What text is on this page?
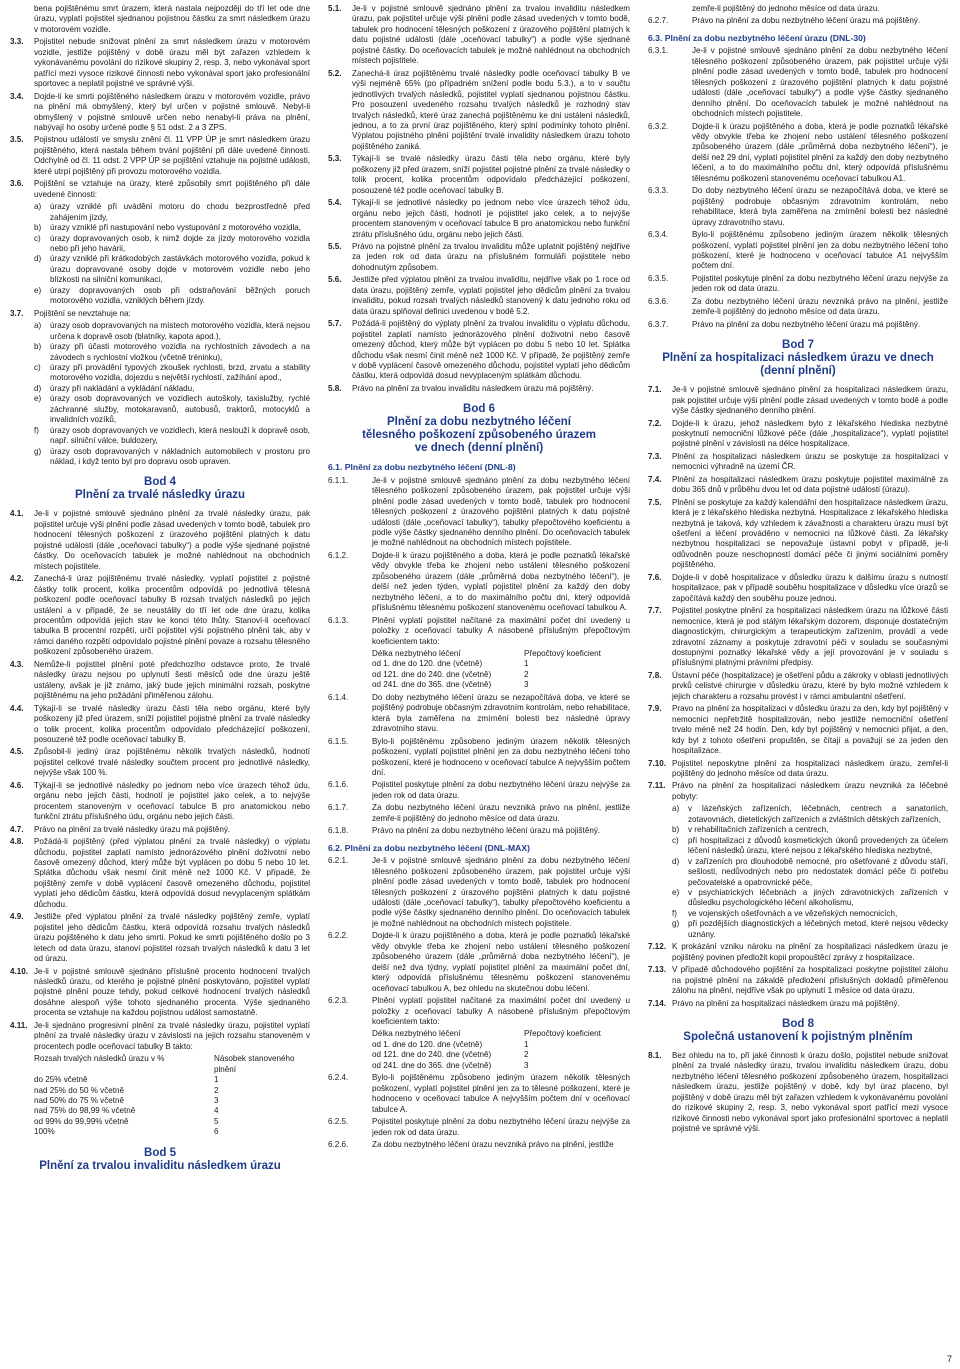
bena pojištěnému smrt úrazem, která nastala nejpozději do tří let ode dne úrazu, vyplatí pojistitel sjednanou pojistnou částku za smrt následkem úrazu v motorovém vozidle.
3.3. Pojistitel nebude snižovat plnění za smrt následkem úrazu v motorovém vozidle, jestliže pojištěný v době úrazu měl být zařazen vzhledem k vykonávanému povolání do rizikové skupiny 2, resp. 3, nebo vykonával sport patřící mezi vysoce rizikové činnosti nebo vykonával sport jako profesionální sportovec a neplatil pojistné ve správné výši.
3.4. Dojde-li ke smrti pojištěného následkem úrazu v motorovém vozidle, právo na plnění má obmyšlený, který byl určen v pojistné smlouvě. Nebyl-li obmyšlený v pojistné smlouvě určen nebo nenabyl-li práva na plnění, nabývají ho osoby určené podle § 51 odst. 2 a 3 ZPS.
3.5. Pojistnou událostí ve smyslu znění čl. 11 VPP ÚP je smrt následkem úrazu pojištěného, která nastala během trvání pojištění při dále uvedené činnosti. Odchylně od čl. 11 odst. 2 VPP ÚP se pojištění vztahuje na pojistné události, které utrpí pojištěný při provozu motorového vozidla.
3.6. Pojištění se vztahuje na úrazy, které způsobily smrt pojištěného při dále uvedené činnosti:
a) úrazy vzniklé při uvádění motoru do chodu bezprostředně před zahájením jízdy,
b) úrazy vzniklé při nastupování nebo vystupování z motorového vozidla,
c) úrazy dopravovaných osob, k nimž dojde za jízdy motorového vozidla nebo při jeho havárii,
d) úrazy vzniklé při krátkodobých zastávkách motorového vozidla, pokud k úrazu dopravované osoby dojde v motorovém vozidle nebo jeho blízkosti na silniční komunikaci,
e) úrazy dopravovaných osob při odstraňování běžných poruch motorového vozidla, vzniklých během jízdy.
3.7. Pojištění se nevztahuje na:
a) úrazy osob dopravovaných na místech motorového vozidla, která nejsou určena k dopravě osob (blatníky, kapota apod.),
b) úrazy při účasti motorového vozidla na rychlostních závodech a na závodech s rychlostní vložkou (včetně tréninku),
c) úrazy při provádění typových zkoušek rychlosti, brzd, zrvatu a stability motorového vozidla, dojezdu s největší rychlostí, zažíhání apod.,
d) úrazy při nakládání a vykládání nákladu,
e) úrazy osob dopravovaných ve vozidlech autoškoly, taxislužby, rychlé záchranné služby, motokaravanů, autobusů, traktorů, motocyklů a invalidních vozíků,
f) úrazy osob dopravovaných ve vozidlech, která neslouží k dopravě osob, např. silniční válce, buldozery,
g) úrazy osob dopravovaných v nákladních automobilech v prostoru pro náklad, i když tento byl pro dopravu osob upraven.
Bod 4
Plnění za trvalé následky úrazu
4.1. Je-li v pojistné smlouvě sjednáno plnění za trvalé následky úrazu, pak pojistitel určuje výši plnění podle zásad uvedených v tomto bodě, tabulek pro hodnocení tělesných poškození z úrazového pojištění platných k datu pojistné události (dále „oceňovací tabulky“) a podle výše sjednané pojistné částky. Do oceňovacích tabulek je možné nahlédnout na obchodních místech pojistitele.
4.2. Zanechá-li úraz pojištěnému trvalé následky, vyplatí pojistitel z pojistné částky tolik procent, kolika procentům odpovídá po jednotlivá tělesná poškození podle oceňovací tabulky B rozsah trvalých následků po jejich ustálení a v případě, že se neustálily do tří let ode dne úrazu, kolika procentům odpovídá jejich stav ke konci této lhůty. Stanoví-li oceňovací tabulka B procentní rozpětí, určí pojistitel výši pojistného plnění tak, aby v rámci daného rozpětí odpovídalo pojistné plnění povaze a rozsahu tělesného poškození způsobeného úrazem.
4.3. Nemůže-li pojistitel plnění poté předchozího odstavce proto, že trvalé následky úrazu nejsou po uplynutí šesti měsíců ode dne úrazu ještě ustáleny, avšak je již známo, jaký bude jejich minimální rozsah, poskytne pojištěnému na jeho požádání přiměřenou zálohu.
4.4. Týkají-li se trvalé následky úrazu části těla nebo orgánu, které byly poškozeny již před úrazem, sníží pojistitel pojistné plnění za trvalé následky o tolik procent, kolika procentům odpovídalo předcházející poškození, posouzené též podle oceňovací tabulky B.
4.5. Způsobil-li jediný úraz pojištěnému několik trvalých následků, hodnotí pojistitel celkové trvalé následky součtem procent pro jednotlivé následky, nejvýše však 100 %.
4.6. Týkají-li se jednotlivé následky po jednom nebo více úrazech téhož údu, orgánu nebo jejich části, hodnotí je pojistitel jako celek, a to nejvýše procentem stanoveným v oceňovací tabulce B pro anatomickou nebo funkční ztrátu příslušného údu, orgánu nebo jejich části.
4.7. Právo na plnění za trvalé následky úrazu má pojištěný.
4.8. Požádá-li pojištěný (před výplatou plnění za trvalé následky) o výplatu důchodu, pojistitel zaplatí namísto jednorázového plnění doživotní nebo časově omezený důchod, který může být vyplácen po dobu 5 nebo 10 let. Splátka důchodu však nesmí činit méně než 1000 Kč. V případě, že pojištěný zemře v době vyplácení časově omezeného důchodu, pojistitel vyplatí jeho dědicům částku, která odpovídá dosud nevyplaceným splátkám důchodu.
4.9. Jestliže před výplatou plnění za trvalé následky pojištěný zemře, vyplatí pojistitel jeho dědicům částku, která odpovídá rozsahu trvalých následků úrazu pojištěného k datu jeho smrti. Pokud ke smrti pojištěného došlo po 3 letech od data úrazu, stanoví pojistitel rozsah trvalých následků k datu 3 let od úrazu.
4.10. Je-li v pojistné smlouvě sjednáno příslušné procento hodnocení trvalých následků úrazu, od kterého je pojistné plnění poskytováno, pojistitel vyplatí pojistné plnění pouze tehdy, pokud celkové hodnocení trvalých následků dosáhne alespoň výše tohoto sjednaného procenta. Výše sjednaného procenta se vztahuje na každou pojistnou událost samostatně.
4.11. Je-li sjednáno progresivní plnění za trvalé následky úrazu, pojistitel vyplatí plnění za trvalé následky úrazu v závislosti na jejich rozsahu stanoveném v procentech podle oceňovací tabulky B takto:
Rozsah trvalých následků úrazu v %	Násobek stanoveného plnění
do 25% včetně	1
nad 25% do 50 % včetně	2
nad 50% do 75 % včetně	3
nad 75% do 98,99 % včetně	4
od 99% do 99,99% včetně	5
100%	6
Bod 5
Plnění za trvalou invaliditu následkem úrazu
5.1. Je-li v pojistné smlouvě sjednáno plnění za trvalou invaliditu následkem úrazu, pak pojistitel určuje výši plnění podle zásad uvedených v tomto bodě, tabulek pro hodnocení tělesných poškození z úrazového pojištění platných k datu pojistné události (dále „oceňovací tabulky“) a podle výše sjednané pojistné částky. Do oceňovacích tabulek je možné nahlédnout na obchodních místech pojistitele.
5.2. Zanechá-li úraz pojištěnému trvalé následky podle oceňovací tabulky B ve výši nejméně 65% (po případném snížení podle bodu 5.3.), a to v součtu jednotlivých trvalých následků, pojistitel vyplatí sjednanou pojistnou částku. Pro posouzení uvedeného rozsahu trvalých následků je rozhodný stav trvalých následků, které úraz zanechá pojištěnému ke dni ustálení následků, jednou, a to za první úraz pojištěného, který splní podmínky tohoto plnění. Výplatou pojistného plnění pojištění trvalé invalidity následkem úrazu tohoto pojištěného zaniká.
5.3. Týkají-li se trvalé následky úrazu části těla nebo orgánu, které byly poškozeny již před úrazem, sníží pojistitel pojistné plnění za trvalé následky o tolik procent, kolika procentům odpovídalo předcházející poškození, posouzené též podle oceňovací tabulky B.
5.4. Týkají-li se jednotlivé následky po jednom nebo více úrazech téhož údu, orgánu nebo jejich části, hodnotí je pojistitel jako celek, a to nejvýše procentem stanoveným v oceňovací tabulce B pro anatomickou nebo funkční ztrátu příslušného údu, orgánu nebo jejich části.
5.5. Právo na pojistné plnění za trvalou invaliditu může uplatnit pojištěný nejdříve za jeden rok od data úrazu na příslušném formuláři pojistitele nebo dohodnutým způsobem.
5.6. Jestliže před výplatou plnění za trvalou invaliditu, nejdříve však po 1 roce od data úrazu, pojištěný zemře, vyplatí pojistitel jeho dědicům plnění za trvalou invaliditu, pokud rozsah trvalých následků stanovený k datu jednoho roku od data úrazu splňoval definici uvedenou v bodě 5.2.
5.7. Požádá-li pojištěný do výplaty plnění za trvalou invaliditu o výplatu důchodu, pojistitel zaplatí namísto jednorázového plnění doživotní nebo časově omezený důchod, který může být vyplácen po dobu 5 nebo 10 let. Splátka důchodu však nesmí činit méně než 1000 Kč. V případě, že pojištěný zemře v době vyplácení časově omezeného důchodu, pojistitel vyplatí jeho dědicům částku, která odpovídá dosud nevyplaceným splátkám důchodu.
5.8. Právo na plnění za trvalou invaliditu následkem úrazu má pojištěný.
Bod 6
Plnění za dobu nezbytného léčení
tělesného poškození způsobeného úrazem
ve dnech (denní plnění)
6.1. Plnění za dobu nezbytného léčení (DNL-8)
6.1.1.	Je-li v pojistné smlouvě sjednáno plnění za dobu nezbytného léčení tělesného poškození způsobeného úrazem, pak pojistitel určuje výši plnění podle zásad uvedených v tomto bodě, tabulek pro hodnocení tělesných poškození z úrazového pojištění platných k datu pojistné události (dále „oceňovací tabulky“), tabulky přepočtového koeficientu a podle výše částky sjednaného denního plnění. Do oceňovacích tabulek je možné nahlédnout na obchodních místech pojistitele.
6.1.2.	Dojde-li k úrazu pojištěného a doba, která je podle poznatků lékařské vědy obvykle třeba ke zhojení nebo ustálení tělesného poškození způsobeného úrazem (dále „průměrná doba nezbytného léčení“), je delší než jeden týden, vyplatí pojistitel plnění za každý den doby nezbytného léčení, a to do maximálního počtu dní, který odpovídá příslušnému tělesnému poškození stanovenému oceňovací tabulkou A.
6.1.3.	Plnění vyplatí pojistitel načítané za maximální počet dní uvedený u položky z oceňovací tabulky A násobené příslušným přepočtovým koeficientem takto:
Délka nezbytného léčení	Přepočtový koeficient
od 1. dne do 120. dne (včetně)	1
od 121. dne do 240. dne (včetně)	2
od 241. dne do 365. dne (včetně)	3
6.1.4.	Do doby nezbytného léčení úrazu se nezapočítává doba, ve které se pojištěný podrobuje občasným zdravotním kontrolám, nebo rehabilitace, která byla zaměřena na zmírnění bolesti bez následné úpravy zdravotního stavu.
6.1.5.	Bylo-li pojištěnému způsobeno jediným úrazem několik tělesných poškození, vyplatí pojistitel plnění jen za dobu nezbytného léčení toho poškození, které je hodnoceno v oceňovací tabulce A nejvyšším počtem dní.
6.1.6.	Pojistitel poskytuje plnění za dobu nezbytného léčení úrazu nejvýše za jeden rok od data úrazu.
6.1.7.	Za dobu nezbytného léčení úrazu nevzniká právo na plnění, jestliže zemře-li pojištěný do jednoho měsíce od data úrazu.
6.1.8.	Právo na plnění za dobu nezbytného léčení úrazu má pojištěný.
6.2. Plnění za dobu nezbytného léčení (DNL-MAX)
6.2.1.	Je-li v pojistné smlouvě sjednáno plnění za dobu nezbytného léčení tělesného poškození způsobeného úrazem, pak pojistitel určuje výši plnění podle zásad uvedených v tomto bodě, tabulek pro hodnocení tělesných poškození z úrazového pojištění platných k datu pojistné události (dále „oceňovací tabulky“), tabulky přepočtového koeficientu a podle výše částky sjednaného denního plnění. Do oceňovacích tabulek je možné nahlédnout na obchodních místech pojistitele.
6.2.2.	Dojde-li k úrazu pojištěného a doba, která je podle poznatků lékařské vědy obvykle třeba ke zhojení nebo ustálení tělesného poškození způsobeného úrazem (dále „průměrná doba nezbytného léčení“), je delší než dva týdny, vyplatí pojistitel plnění za maximální počet dní, který odpovídá příslušnému tělesnému poškození stanovenému oceňovací tabulkou A, bez ohledu na skutečnou dobu léčení.
6.2.3.	Plnění vyplatí pojistitel načítané za maximální počet dní uvedený u položky z oceňovací tabulky A násobené příslušným přepočtovým koeficientem takto:
Délka nezbytného léčení	Přepočtový koeficient
od 1. dne do 120. dne (včetně)	1
od 121. dne do 240. dne (včetně)	2
od 241. dne do 365. dne (včetně)	3
6.2.4.	Bylo-li pojištěnému způsobeno jediným úrazem několik tělesných poškození, vyplatí pojistitel plnění jen za to tělesné poškození, které je hodnoceno v oceňovací tabulce A nejvyšším počtem dní v oceňovací tabulce A.
6.2.5.	Pojistitel poskytuje plnění za dobu nezbytného léčení úrazu nejvýše za jeden rok od data úrazu.
6.2.6.	Za dobu nezbytného léčení úrazu nevzniká právo na plnění, jestliže
zemře-li pojištěný do jednoho měsíce od data úrazu.
6.2.7.	Právo na plnění za dobu nezbytného léčení úrazu má pojištěný.
6.3. Plnění za dobu nezbytného léčení úrazu (DNL-30)
6.3.1.	Je-li v pojistné smlouvě sjednáno plnění za dobu nezbytného léčení tělesného poškození způsobeného úrazem, pak pojistitel určuje výši plnění podle zásad uvedených v tomto bodě, tabulek pro hodnocení tělesných poškození z úrazového pojištění platných k datu pojistné události (dále „oceňovací tabulky“) a podle výše částky sjednaného denního plnění. Do oceňovacích tabulek je možné nahlédnout na obchodních místech pojistitele.
6.3.2.	Dojde-li k úrazu pojištěného a doba, která je podle poznatků lékařské vědy obvykle třeba ke zhojení nebo ustálení tělesného poškození způsobeného úrazem (dále „průměrná doba nezbytného léčení“), je delší než 29 dní, vyplatí pojistitel plnění za každý den doby nezbytného léčení, a to do maximálního počtu dní, který odpovídá příslušnému tělesnému poškození stanovenému oceňovací tabulkou A1.
6.3.3.	Do doby nezbytného léčení úrazu se nezapočítává doba, ve které se pojištěný podrobuje občasným zdravotním kontrolám, nebo rehabilitace, která byla zaměřena na zmírnění bolesti bez následné úpravy zdravotního stavu.
6.3.4.	Bylo-li pojištěnému způsobeno jediným úrazem několik tělesných poškození, vyplatí pojistitel plnění jen za dobu nezbytného léčení toho poškození, které je hodnoceno v oceňovací tabulce A1 nejvyšším počtem dní.
6.3.5.	Pojistitel poskytuje plnění za dobu nezbytného léčení úrazu nejvýše za jeden rok od data úrazu.
6.3.6.	Za dobu nezbytného léčení úrazu nevzniká právo na plnění, jestliže zemře-li pojištěný do jednoho měsíce od data úrazu.
6.3.7.	Právo na plnění za dobu nezbytného léčení úrazu má pojištěný.
Bod 7
Plnění za hospitalizaci následkem úrazu ve dnech (denní plnění)
7.1. Je-li v pojistné smlouvě sjednáno plnění za hospitalizaci následkem úrazu, pak pojistitel určuje výši plnění podle zásad uvedených v tomto bodě a podle výše částky sjednaného denního plnění.
7.2. Dojde-li k úrazu, jehož následkem bylo z lékařského hlediska nezbytné poskytnutí nemocniční lůžkové péče (dále „hospitalizace“), vyplatí pojistitel pojistné plnění v závislosti na délce hospitalizace.
7.3. Plnění za hospitalizaci následkem úrazu se poskytuje za hospitalizaci v nemocnici výhradně na území ČR.
7.4. Plnění za hospitalizaci následkem úrazu poskytuje pojistitel maximálně za dobu 365 dnů v průběhu dvou let od data pojistné události (úrazu).
7.5. Plnění se poskytuje za každý kalendářní den hospitalizace následkem úrazu, která je z lékařského hlediska nezbytná. Hospitalizace z lékařského hlediska nezbytná je taková, kdy vzhledem k závažnosti a charakteru úrazu musí být ošetření a léčení prováděno v nemocnici na lůžkové části. Za lékařsky nezbytnou hospitalizaci se nepovažuje ústavní pobyt v případě, je-li odůvodněn pouze neschopností domácí péče či jinými sociálními poměry pojištěného.
7.6. Dojde-li v době hospitalizace v důsledku úrazu k dalšímu úrazu s nutností hospitalizace, pak v případě souběhu hospitalizace v důsledku více úrazů se započítává každý den souběhu pouze jednou.
7.7. Pojistitel poskytne plnění za hospitalizaci následkem úrazu na lůžkové části nemocnice, která je pod stálým lékařským dozorem, disponuje dostatečným diagnostickým, chirurgickým a terapeutickým zařízením, provádí a vede zdravotní záznamy a poskytuje zdravotní péči v souladu se současnými dostupnými poznatky lékařské vědy a její provozování je v souladu s příslušnými platnými právními předpisy.
7.8. Ústavní péče (hospitalizace) je ošetření půdu a zákroky v oblasti jednotlivých prvků celistvé chirurgie v důsledku úrazu, které by bylo možné vzhledem k jejich charakteru a rozsahu provést i v rámci ambulantní ošetření.
7.9. Pravo na plnění za hospitalizaci v důsledku úrazu za den, kdy byl pojištěný v nemocnici nepřetržitě hospitalizován, nebo jestliže nemocniční ošetření trvalo méně než 24 hodin. Den, kdy byl pojištěný v nemocnici přijat, a den, kdy byl z tohoto ošetření propuštěn, se čítají a považují se za jeden den hospitalizace.
7.10. Pojistitel neposkytne plnění za hospitalizaci následkem úrazu, zemřel-li pojištěný do jednoho měsíce od data úrazu.
7.11. Právo na plnění za hospitalizaci následkem úrazu nevzniká za léčebné pobyty:
a) v lázeňských zařízeních, léčebnách, centrech a sanatoriích, zotavovnách, dietetických zařízeních a zvláštních dětských zařízeních,
b) v rehabilitačních zařízeních a centrech,
c) při hospitalizaci z důvodů kosmetických úkonů provedených za účelem léčení následků úrazu, které nejsou z lékařského hlediska nezbytné,
d) v zařízeních pro dlouhodobě nemocné, pro ošetřované z důvodu stáří, sešlosti, nedůvodných nebo pro nedostatek domácí péče či potřebu pečovatelské a opatrovnické péče,
e) v psychiatrických léčebnách a jiných zdravotnických zařízeních v důsledku psychologického léčení alkoholismu,
f) ve vojenských ošetřovnách a ve vězeňských nemocnicích,
g) při pozdějších diagnostických a léčebných metod, které nejsou vědecky uznány.
7.12. K prokázání vzniku nároku na plnění za hospitalizaci následkem úrazu je pojištěný povinen předložit kopii propouštěcí zprávy z hospitalizace.
7.13. V případě důchodového pojištění za hospitalizaci poskytne pojistitel zálohu na pojistné plnění na zákaldě předložení příslušných dokladů přiměřenou zálohu na plnění, nejdříve však po uplynutí 1 měsíce od data úrazu.
7.14. Právo na plnění za hospitalizaci následkem úrazu má pojištěný.
Bod 8
Společná ustanovení k pojistným plněním
8.1. Bez ohledu na to, při jaké činnosti k úrazu došlo, pojistitel nebude snižovat plnění za trvalé následky úrazu, trvalou invaliditu následkem úrazu, dobu nezbytného léčení tělesného poškození způsobeného úrazem, hospitalizaci následkem úrazu, jestliže pojištěný v době, kdy byl úraz placeno, byl pojištěný v době úrazu měl být zařazen vzhledem k vykonávanému povolání do rizikové skupiny 2, resp. 3, nebo vykonával sport patřící mezi vysoce rizikové činnosti nebo vykonával sport jako profesionální sportovec a neplatil pojistné ve správné výši.
7
